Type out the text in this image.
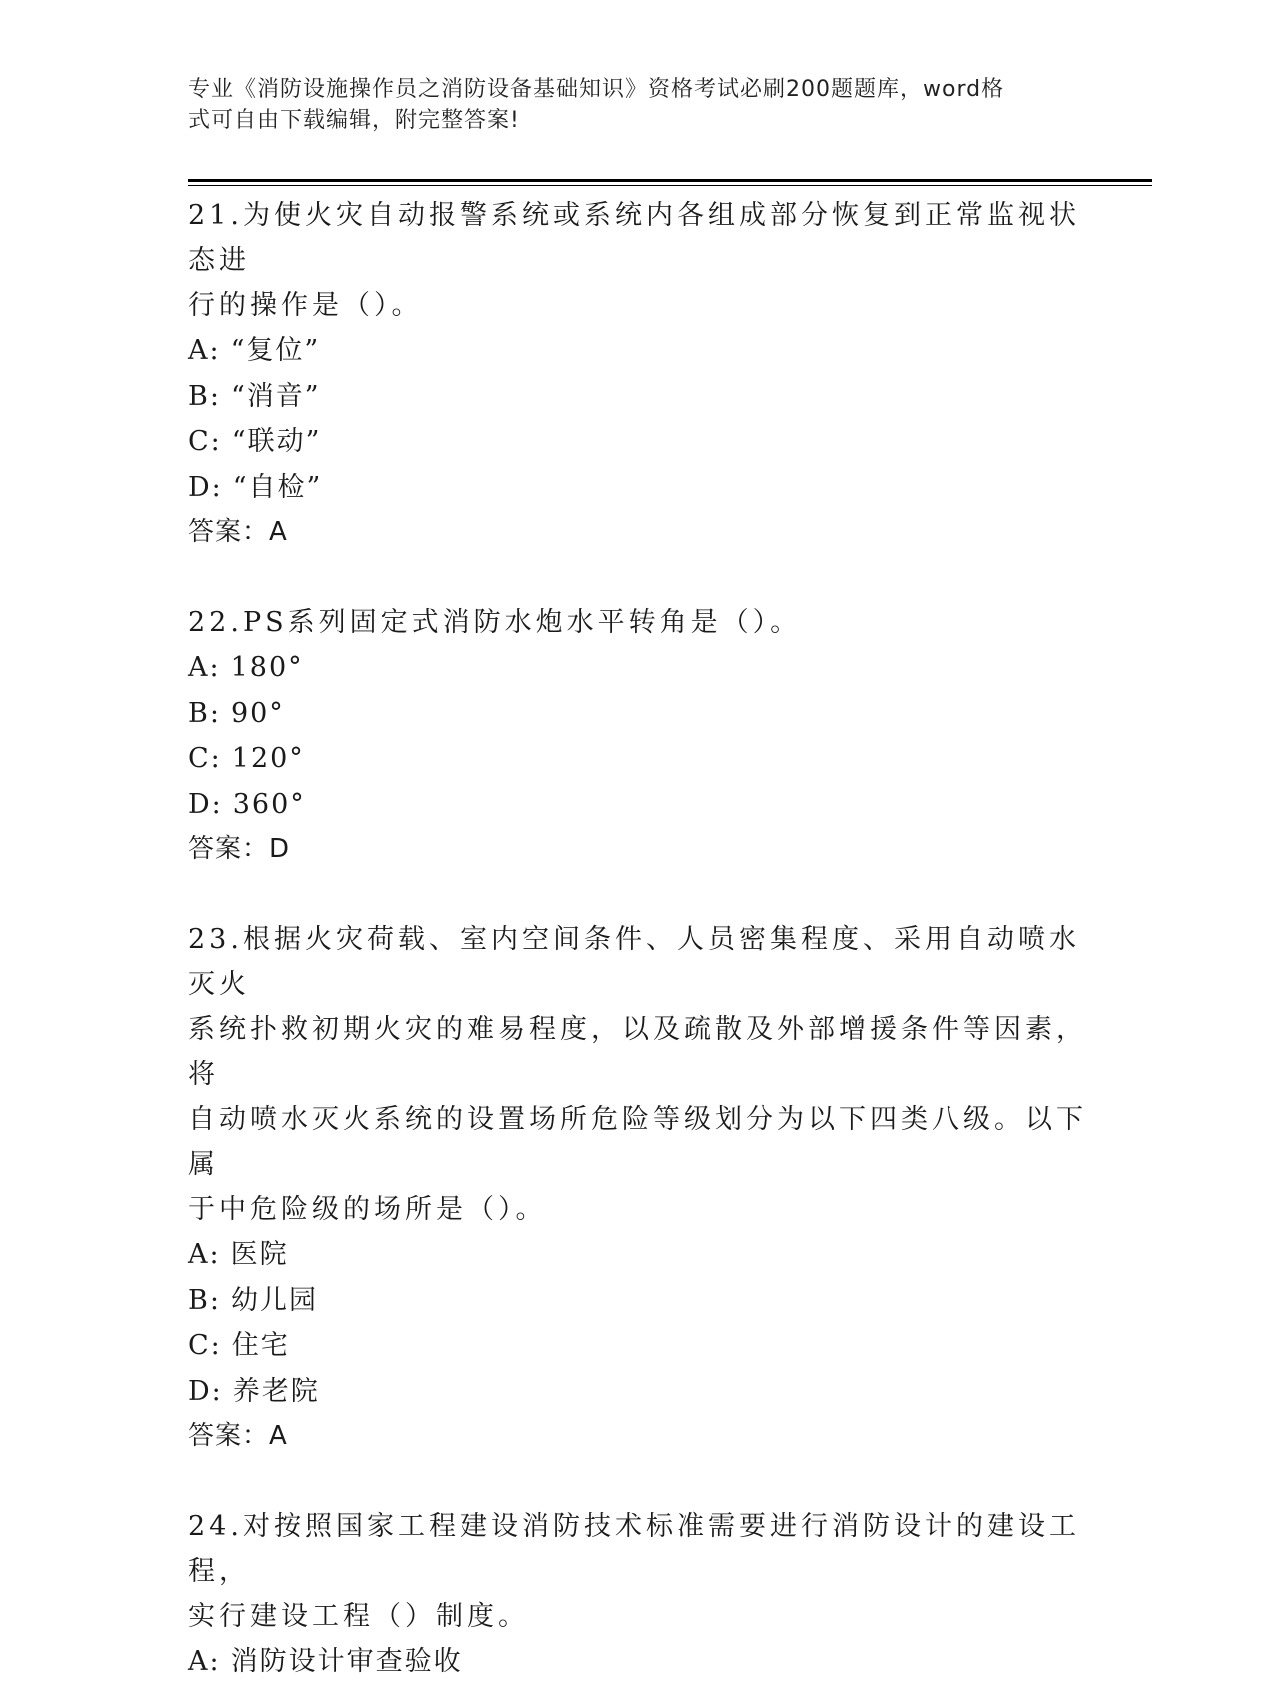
专业《消防设施操作员之消防设备基础知识》资格考试必刷200题题库，word格
式可自由下载编辑，附完整答案!
21.为使火灾自动报警系统或系统内各组成部分恢复到正常监视状态进
行的操作是（）。
A: “复位”
B: “消音”
C: “联动”
D: “自检”
答案：A
22.PS系列固定式消防水炮水平转角是（）。
A: 180°
B: 90°
C: 120°
D: 360°
答案：D
23.根据火灾荷载、室内空间条件、人员密集程度、采用自动喷水灭火
系统扑救初期火灾的难易程度，以及疏散及外部增援条件等因素，将
自动喷水灭火系统的设置场所危险等级划分为以下四类八级。以下属
于中危险级的场所是（）。
A: 医院
B: 幼儿园
C: 住宅
D: 养老院
答案：A
24.对按照国家工程建设消防技术标准需要进行消防设计的建设工程，
实行建设工程（）制度。
A: 消防设计审查验收
